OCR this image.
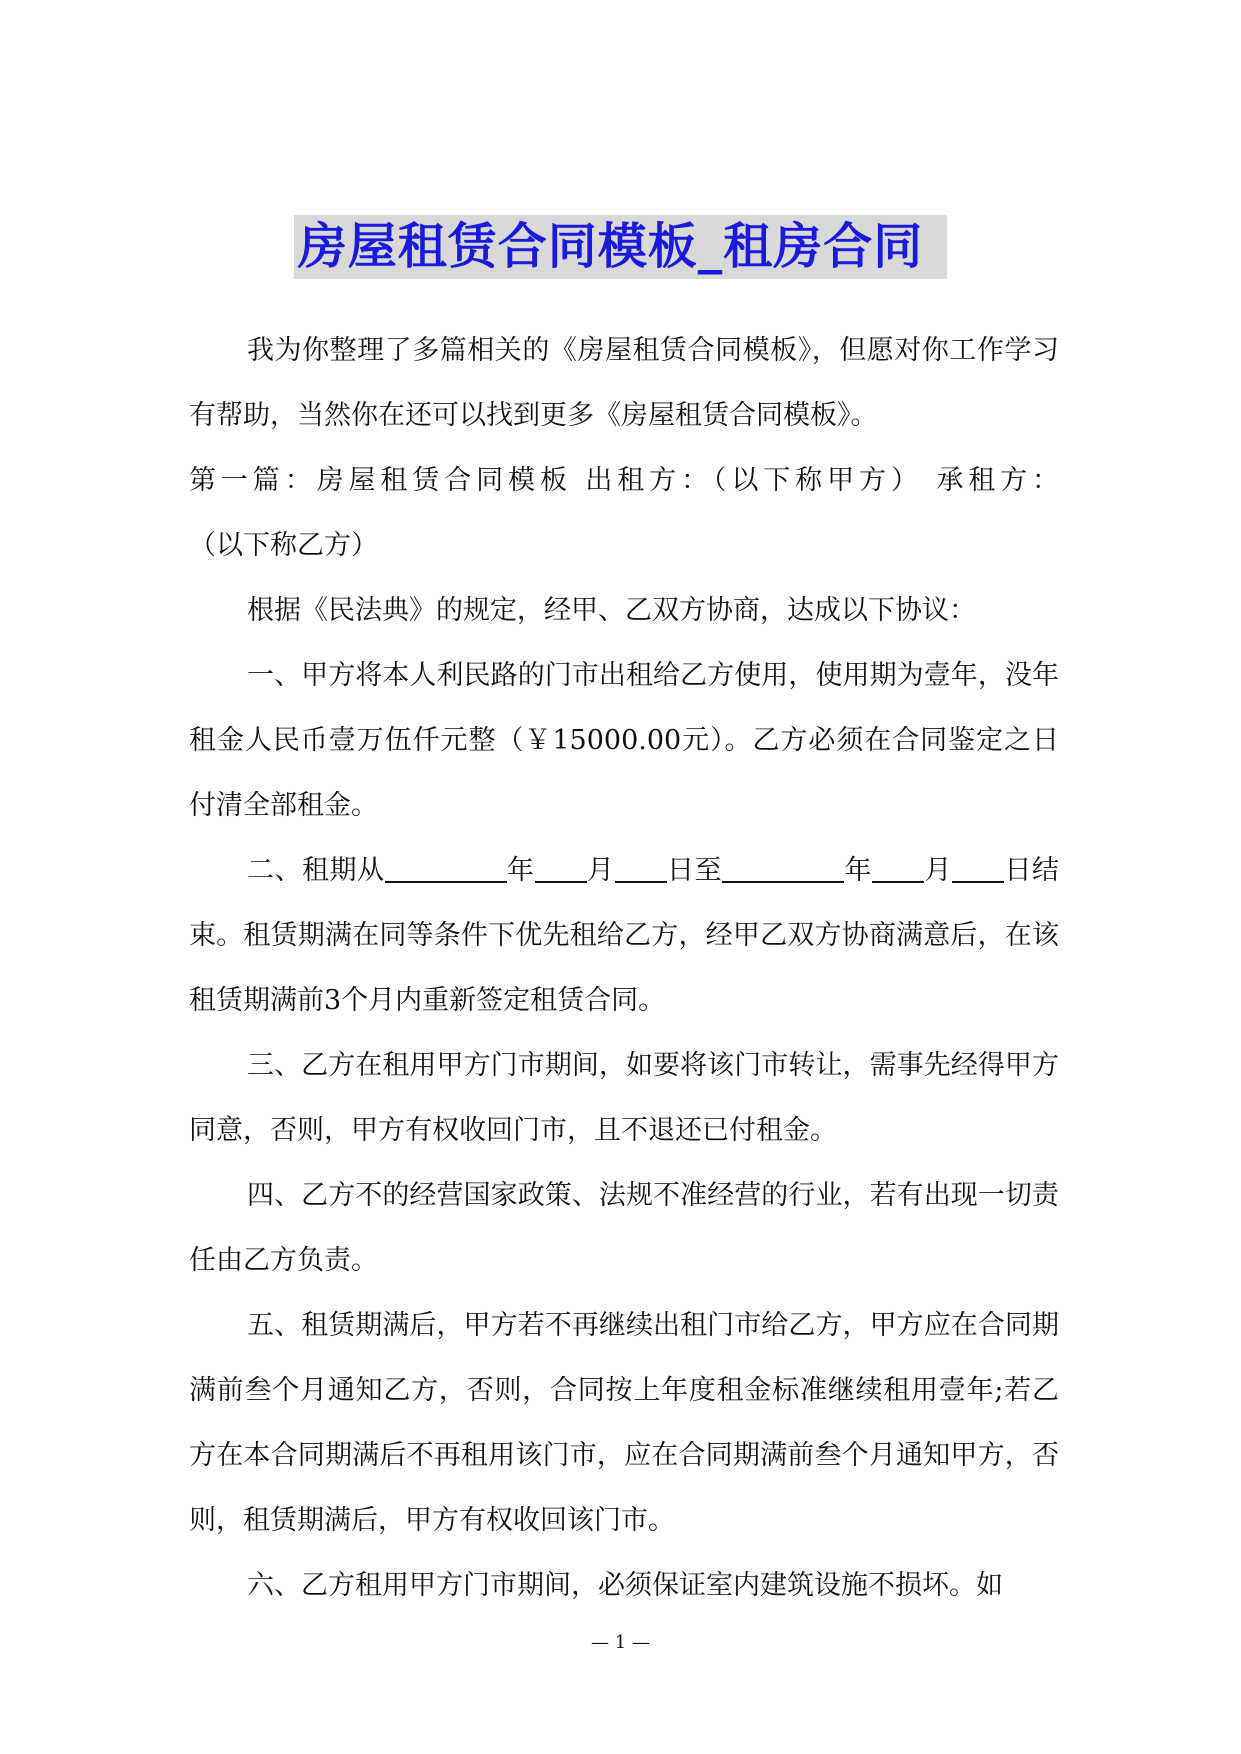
房屋租赁合同模板_租房合同

我为你整理了多篇相关的《房屋租赁合同模板》，但愿对你工作学习有帮助，当然你在还可以找到更多《房屋租赁合同模板》。

第一篇：房屋租赁合同模板 出租方：（以下称甲方） 承租方：

（以下称乙方）

根据《民法典》的规定，经甲、乙双方协商，达成以下协议：

一、甲方将本人利民路的门市出租给乙方使用，使用期为壹年，没年租金人民币壹万伍仟元整（￥15000.00元）。乙方必须在合同鉴定之日付清全部租金。

二、租期从	年 月 日至	年 月 日结束。租赁期满在同等条件下优先租给乙方，经甲乙双方协商满意后，在该租赁期满前3个月内重新签定租赁合同。

三、乙方在租用甲方门市期间，如要将该门市转让，需事先经得甲方同意，否则，甲方有权收回门市，且不退还已付租金。

四、乙方不的经营国家政策、法规不准经营的行业，若有出现一切责任由乙方负责。

五、租赁期满后，甲方若不再继续出租门市给乙方，甲方应在合同期满前叁个月通知乙方，否则，合同按上年度租金标准继续租用壹年;若乙方在本合同期满后不再租用该门市，应在合同期满前叁个月通知甲方，否则，租赁期满后，甲方有权收回该门市。

六、乙方租用甲方门市期间，必须保证室内建筑设施不损坏。如

— 1 —
